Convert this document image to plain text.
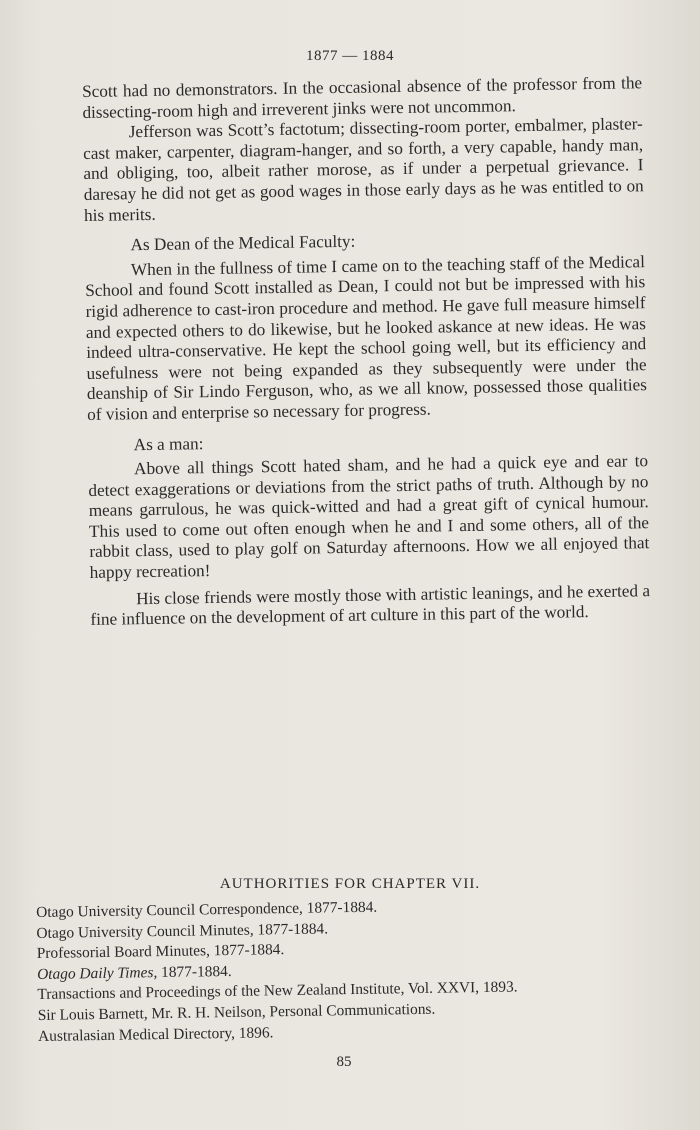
1877 — 1884

Scott had no demonstrators. In the occasional absence of the professor from the dissecting-room high and irreverent jinks were not uncommon.

Jefferson was Scott’s factotum; dissecting-room porter, embalmer, plaster-cast maker, carpenter, diagram-hanger, and so forth, a very capable, handy man, and obliging, too, albeit rather morose, as if under a perpetual grievance. I daresay he did not get as good wages in those early days as he was entitled to on his merits.

As Dean of the Medical Faculty:

When in the fullness of time I came on to the teaching staff of the Medical School and found Scott installed as Dean, I could not but be impressed with his rigid adherence to cast-iron procedure and method. He gave full measure himself and expected others to do likewise, but he looked askance at new ideas. He was indeed ultra-conservative. He kept the school going well, but its efficiency and usefulness were not being expanded as they subsequently were under the deanship of Sir Lindo Ferguson, who, as we all know, possessed those qualities of vision and enterprise so necessary for progress.

As a man:

Above all things Scott hated sham, and he had a quick eye and ear to detect exaggerations or deviations from the strict paths of truth. Although by no means garrulous, he was quick-witted and had a great gift of cynical humour. This used to come out often enough when he and I and some others, all of the rabbit class, used to play golf on Saturday afternoons. How we all enjoyed that happy recreation!

His close friends were mostly those with artistic leanings, and he exerted a fine influence on the development of art culture in this part of the world.

AUTHORITIES FOR CHAPTER VII.
Otago University Council Correspondence, 1877-1884.
Otago University Council Minutes, 1877-1884.
Professorial Board Minutes, 1877-1884.
Otago Daily Times, 1877-1884.
Transactions and Proceedings of the New Zealand Institute, Vol. XXVI, 1893.
Sir Louis Barnett, Mr. R. H. Neilson, Personal Communications.
Australasian Medical Directory, 1896.
85
